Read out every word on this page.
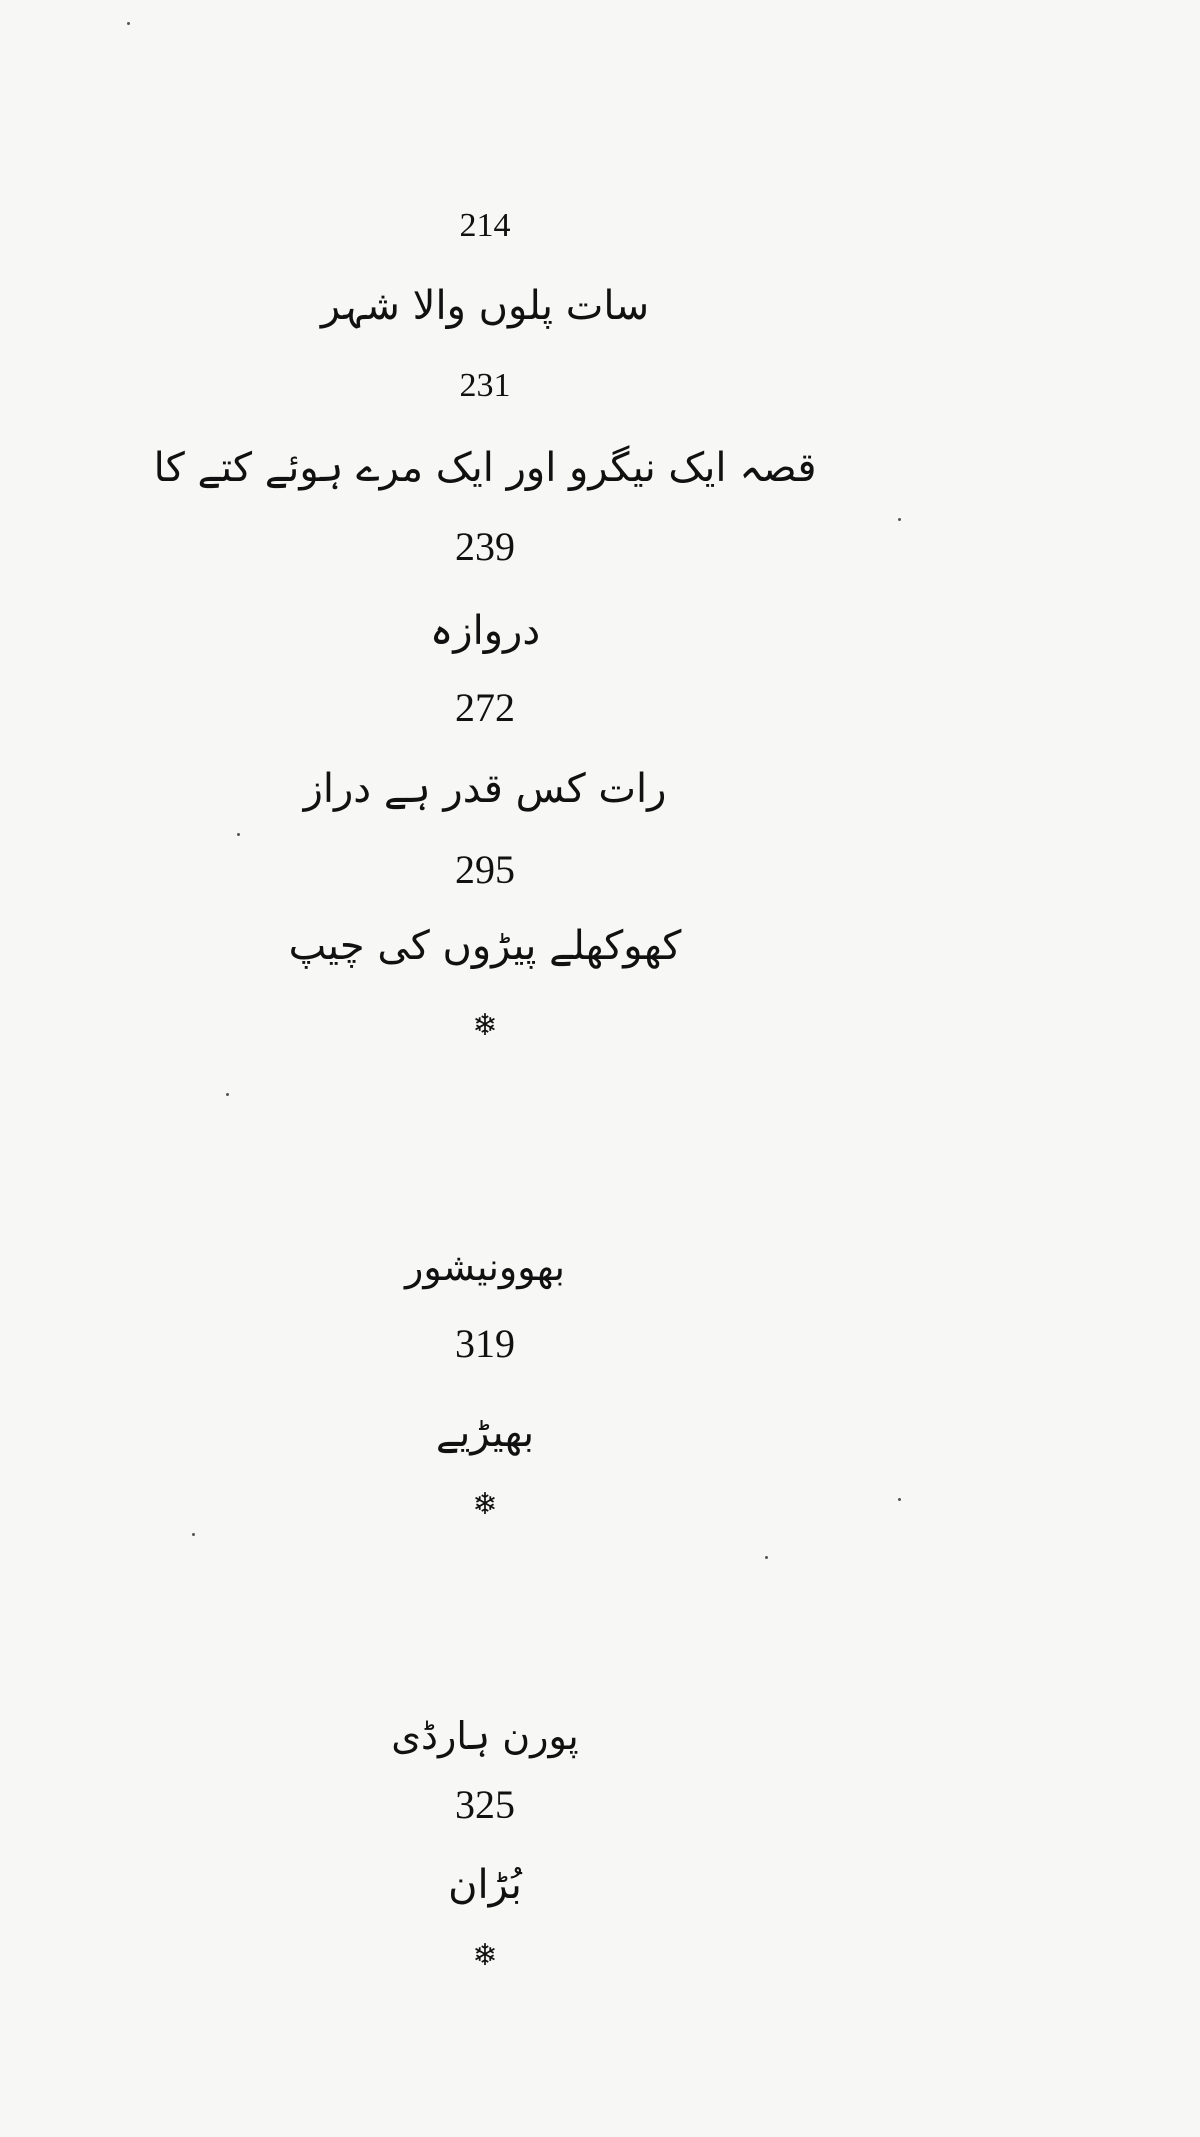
214
سات پلوں والا شہر
231
قصہ ایک نیگرو اور ایک مرے ہوئے کتے کا
239
دروازہ
272
رات کس قدر ہے دراز
295
کھوکھلے پیڑوں کی چیپ
❄
بھوونیشور
319
بھیڑیے
❄
پورن ہارڈی
325
بُڑان
❄
